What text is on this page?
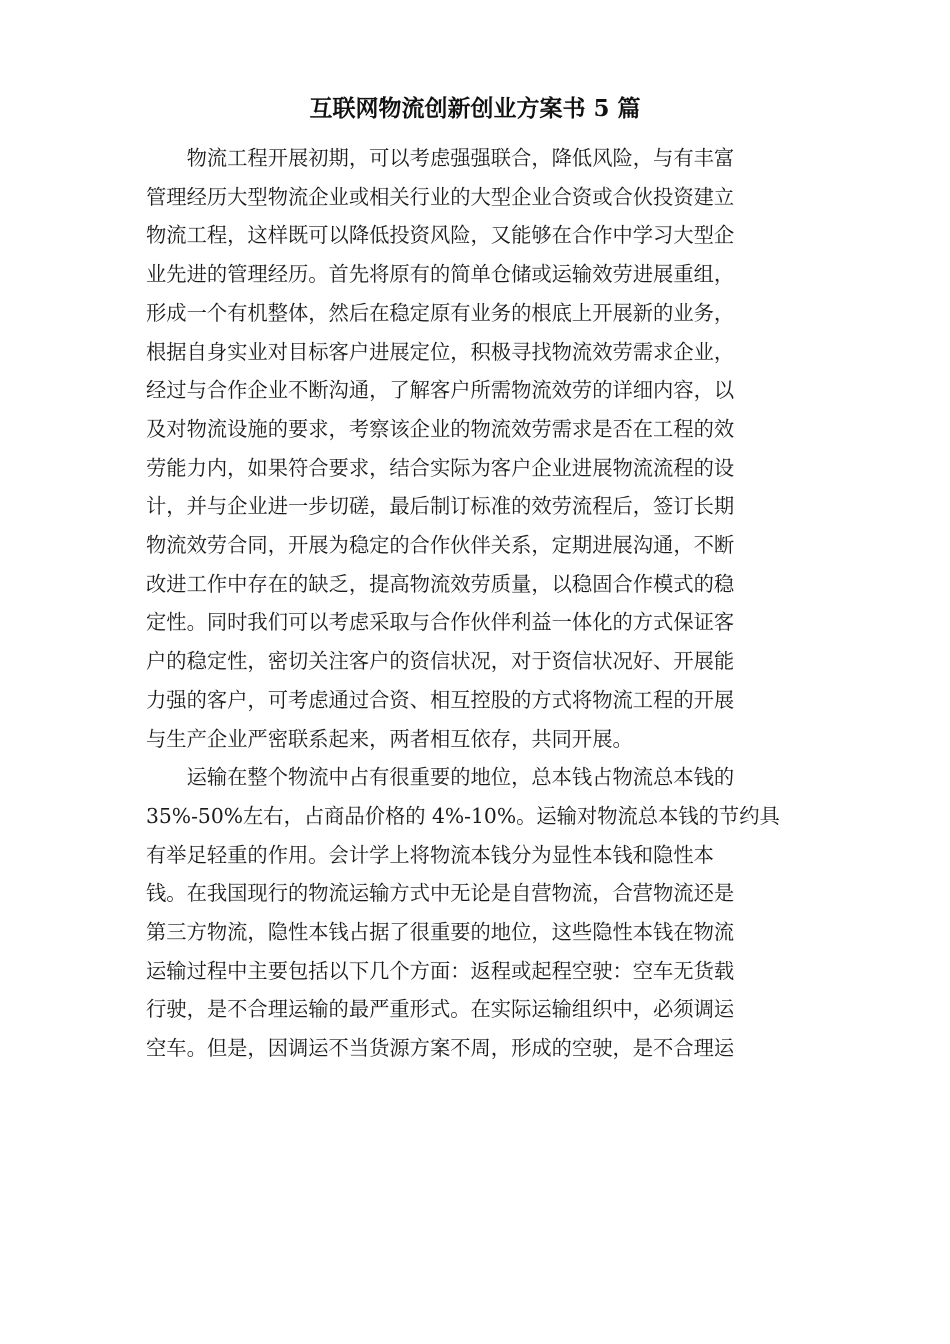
互联网物流创新创业方案书 5 篇
　　物流工程开展初期，可以考虑强强联合，降低风险，与有丰富
管理经历大型物流企业或相关行业的大型企业合资或合伙投资建立
物流工程，这样既可以降低投资风险，又能够在合作中学习大型企
业先进的管理经历。首先将原有的简单仓储或运输效劳进展重组，
形成一个有机整体，然后在稳定原有业务的根底上开展新的业务，
根据自身实业对目标客户进展定位，积极寻找物流效劳需求企业，
经过与合作企业不断沟通，了解客户所需物流效劳的详细内容，以
及对物流设施的要求，考察该企业的物流效劳需求是否在工程的效
劳能力内，如果符合要求，结合实际为客户企业进展物流流程的设
计，并与企业进一步切磋，最后制订标准的效劳流程后，签订长期
物流效劳合同，开展为稳定的合作伙伴关系，定期进展沟通，不断
改进工作中存在的缺乏，提高物流效劳质量，以稳固合作模式的稳
定性。同时我们可以考虑采取与合作伙伴利益一体化的方式保证客
户的稳定性，密切关注客户的资信状况，对于资信状况好、开展能
力强的客户，可考虑通过合资、相互控股的方式将物流工程的开展
与生产企业严密联系起来，两者相互依存，共同开展。
　　运输在整个物流中占有很重要的地位，总本钱占物流总本钱的
35%-50%左右，占商品价格的 4%-10%。运输对物流总本钱的节约具
有举足轻重的作用。会计学上将物流本钱分为显性本钱和隐性本
钱。在我国现行的物流运输方式中无论是自营物流，合营物流还是
第三方物流，隐性本钱占据了很重要的地位，这些隐性本钱在物流
运输过程中主要包括以下几个方面：返程或起程空驶：空车无货载
行驶，是不合理运输的最严重形式。在实际运输组织中，必须调运
空车。但是，因调运不当货源方案不周，形成的空驶，是不合理运
